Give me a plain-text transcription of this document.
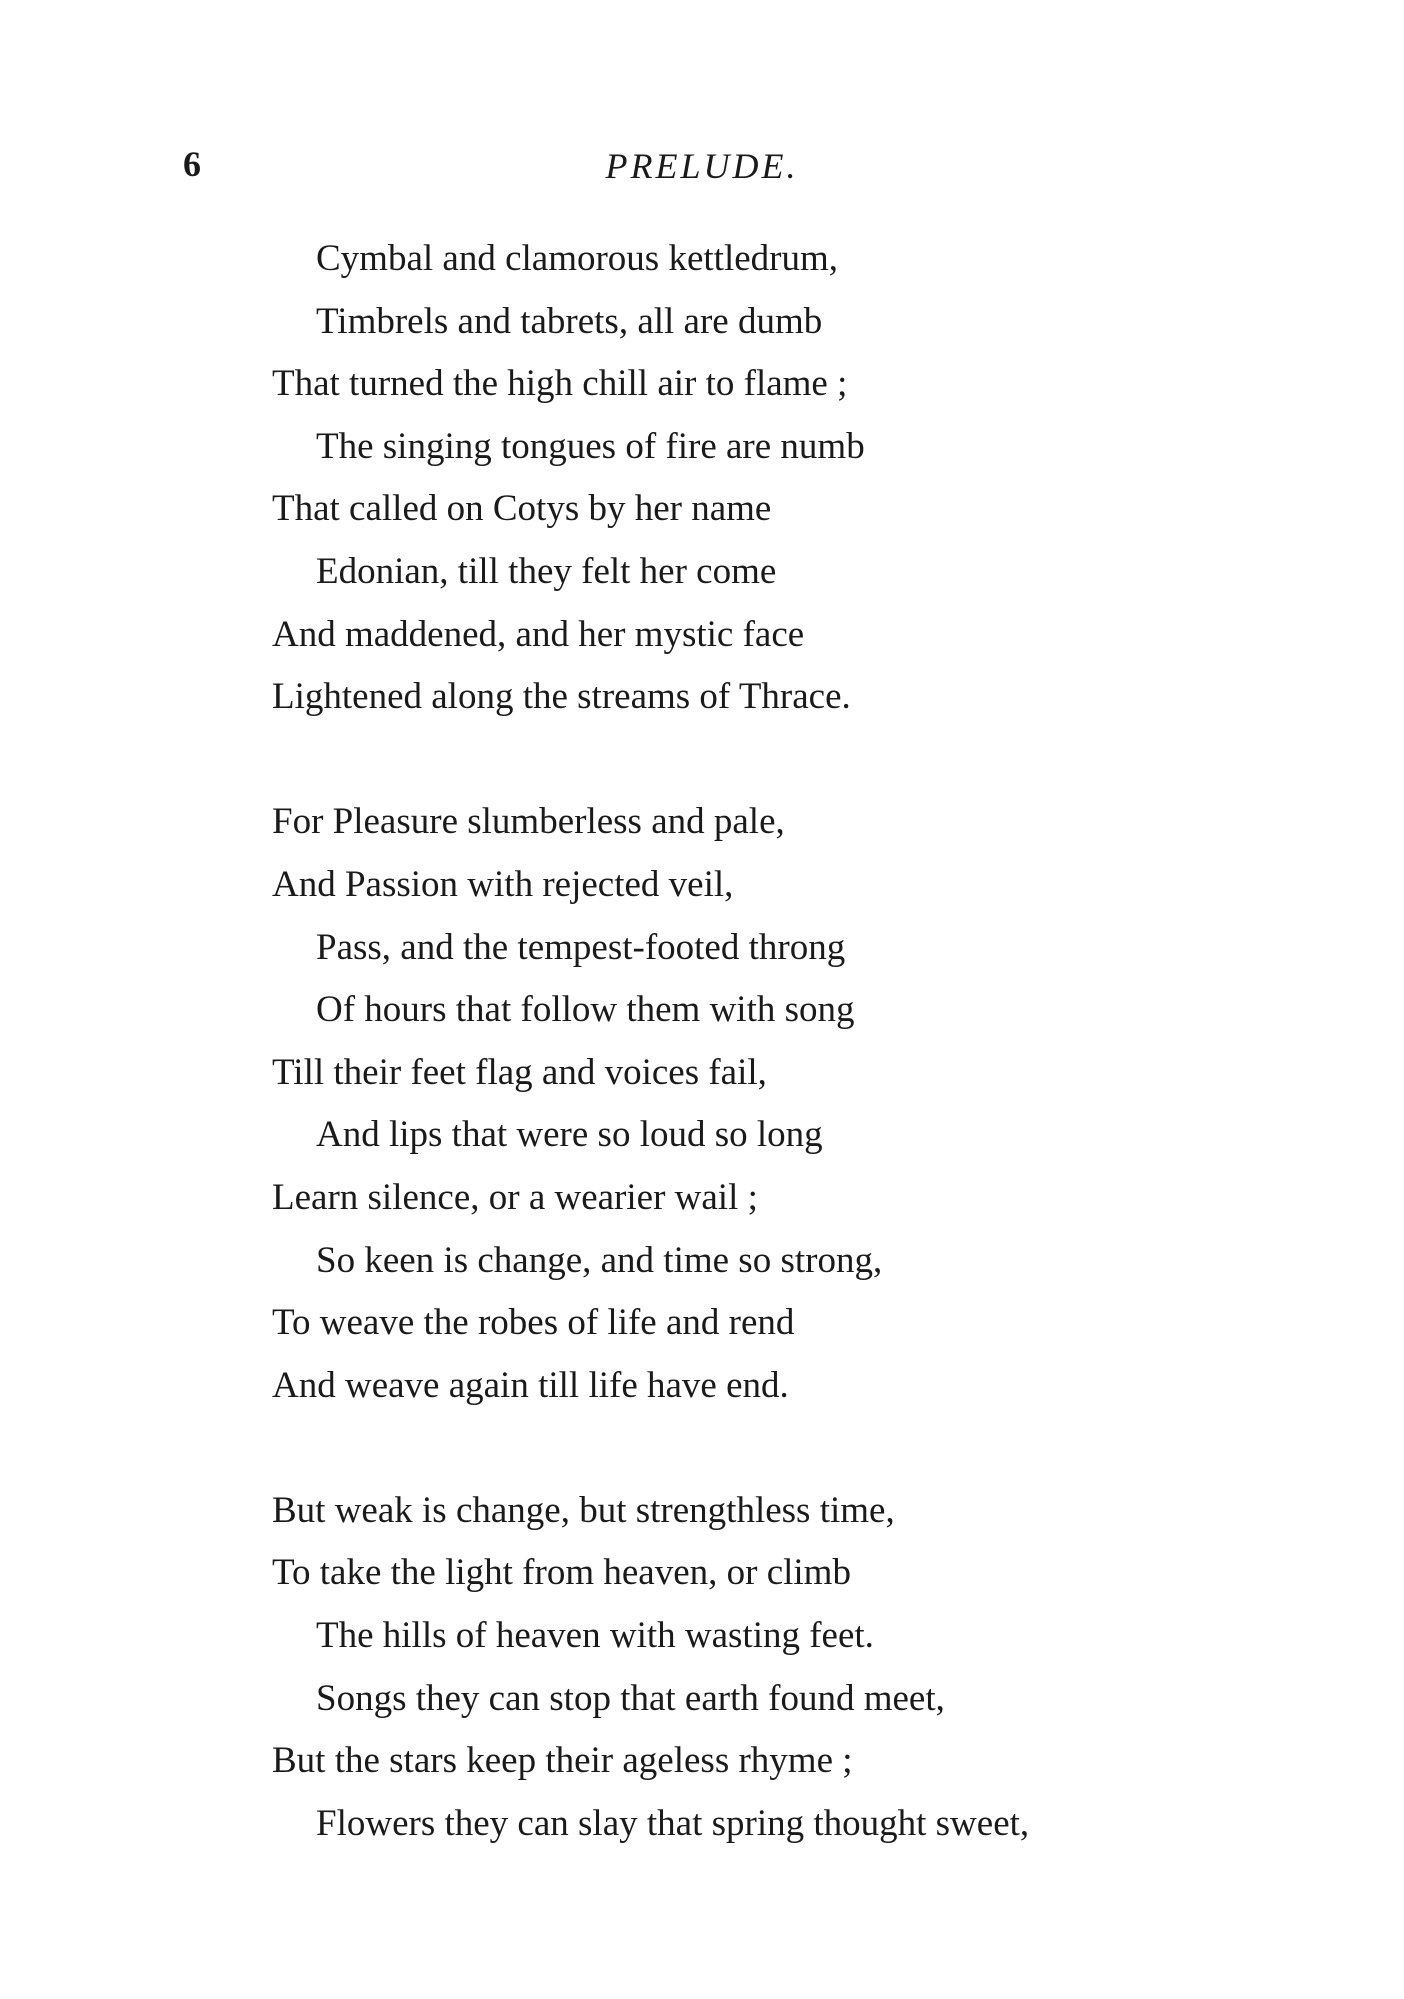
6	PRELUDE.
Cymbal and clamorous kettledrum,
Timbrels and tabrets, all are dumb
That turned the high chill air to flame ;
The singing tongues of fire are numb
That called on Cotys by her name
Edonian, till they felt her come
And maddened, and her mystic face
Lightened along the streams of Thrace.
For Pleasure slumberless and pale,
And Passion with rejected veil,
Pass, and the tempest-footed throng
Of hours that follow them with song
Till their feet flag and voices fail,
And lips that were so loud so long
Learn silence, or a wearier wail ;
So keen is change, and time so strong,
To weave the robes of life and rend
And weave again till life have end.
But weak is change, but strengthless time,
To take the light from heaven, or climb
The hills of heaven with wasting feet.
Songs they can stop that earth found meet,
But the stars keep their ageless rhyme ;
Flowers they can slay that spring thought sweet,
